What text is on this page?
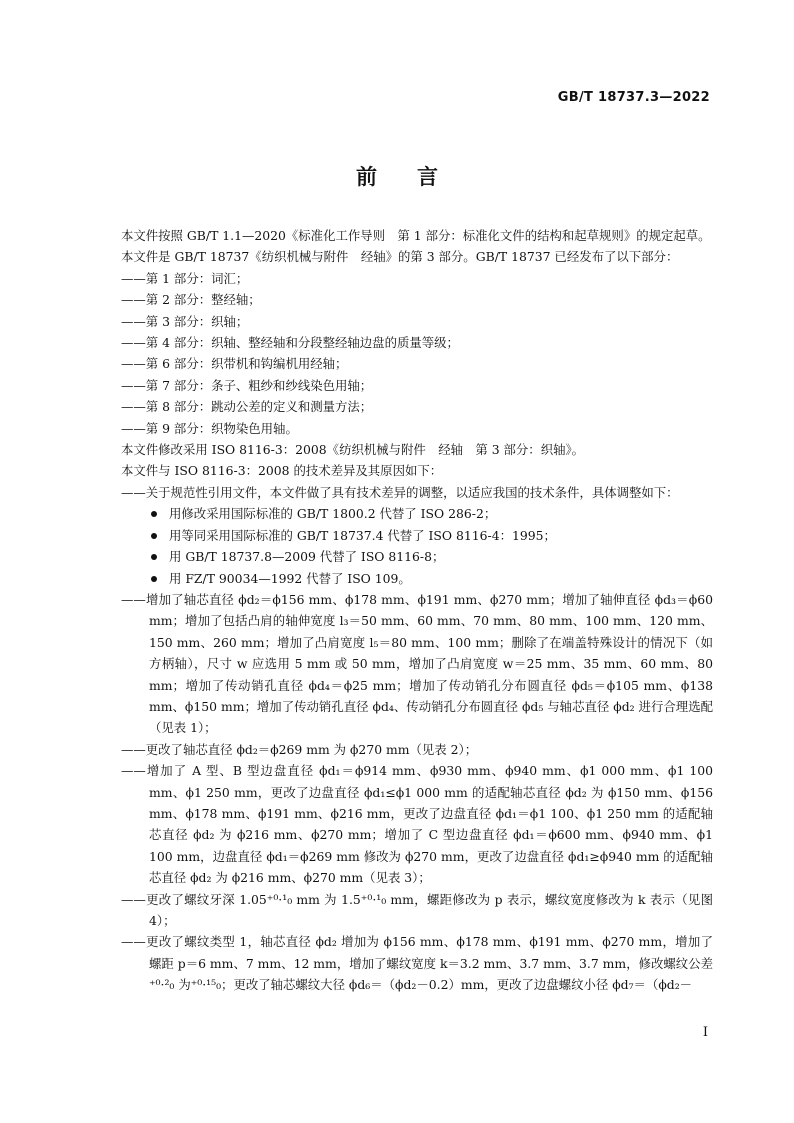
GB/T 18737.3—2022
前言

本文件按照 GB/T 1.1—2020《标准化工作导则　第 1 部分：标准化文件的结构和起草规则》的规定起草。

本文件是 GB/T 18737《纺织机械与附件　经轴》的第 3 部分。GB/T 18737 已经发布了以下部分：

——第 1 部分：词汇；

——第 2 部分：整经轴；

——第 3 部分：织轴；

——第 4 部分：织轴、整经轴和分段整经轴边盘的质量等级；

——第 6 部分：织带机和钩编机用经轴；

——第 7 部分：条子、粗纱和纱线染色用轴；

——第 8 部分：跳动公差的定义和测量方法；

——第 9 部分：织物染色用轴。

本文件修改采用 ISO 8116-3：2008《纺织机械与附件　经轴　第 3 部分：织轴》。

本文件与 ISO 8116-3：2008 的技术差异及其原因如下：

——关于规范性引用文件，本文件做了具有技术差异的调整，以适应我国的技术条件，具体调整如下：

用修改采用国际标准的 GB/T 1800.2 代替了 ISO 286-2；

用等同采用国际标准的 GB/T 18737.4 代替了 ISO 8116-4：1995；

用 GB/T 18737.8—2009 代替了 ISO 8116-8；

用 FZ/T 90034—1992 代替了 ISO 109。

——增加了轴芯直径 ϕd₂＝ϕ156 mm、ϕ178 mm、ϕ191 mm、ϕ270 mm；增加了轴伸直径 ϕd₃＝ϕ60 mm；增加了包括凸肩的轴伸宽度 l₃＝50 mm、60 mm、70 mm、80 mm、100 mm、120 mm、150 mm、260 mm；增加了凸肩宽度 l₅＝80 mm、100 mm；删除了在端盖特殊设计的情况下（如方柄轴），尺寸 w 应选用 5 mm 或 50 mm，增加了凸肩宽度 w＝25 mm、35 mm、60 mm、80 mm；增加了传动销孔直径 ϕd₄＝ϕ25 mm；增加了传动销孔分布圆直径 ϕd₅＝ϕ105 mm、ϕ138 mm、ϕ150 mm；增加了传动销孔直径 ϕd₄、传动销孔分布圆直径 ϕd₅ 与轴芯直径 ϕd₂ 进行合理选配（见表 1）；

——更改了轴芯直径 ϕd₂＝ϕ269 mm 为 ϕ270 mm（见表 2）；

——增加了 A 型、B 型边盘直径 ϕd₁＝ϕ914 mm、ϕ930 mm、ϕ940 mm、ϕ1 000 mm、ϕ1 100 mm、ϕ1 250 mm，更改了边盘直径 ϕd₁≤ϕ1 000 mm 的适配轴芯直径 ϕd₂ 为 ϕ150 mm、ϕ156 mm、ϕ178 mm、ϕ191 mm、ϕ216 mm，更改了边盘直径 ϕd₁＝ϕ1 100、ϕ1 250 mm 的适配轴芯直径 ϕd₂ 为 ϕ216 mm、ϕ270 mm；增加了 C 型边盘直径 ϕd₁＝ϕ600 mm、ϕ940 mm、ϕ1 100 mm，边盘直径 ϕd₁＝ϕ269 mm 修改为 ϕ270 mm，更改了边盘直径 ϕd₁≥ϕ940 mm 的适配轴芯直径 ϕd₂ 为 ϕ216 mm、ϕ270 mm（见表 3）；

——更改了螺纹牙深 1.05⁺⁰·¹₀ mm 为 1.5⁺⁰·¹₀ mm，螺距修改为 p 表示，螺纹宽度修改为 k 表示（见图 4）；

——更改了螺纹类型 1，轴芯直径 ϕd₂ 增加为 ϕ156 mm、ϕ178 mm、ϕ191 mm、ϕ270 mm，增加了螺距 p＝6 mm、7 mm、12 mm，增加了螺纹宽度 k＝3.2 mm、3.7 mm、3.7 mm，修改螺纹公差⁺⁰·²₀ 为⁺⁰·¹⁵₀；更改了轴芯螺纹大径 ϕd₆＝（ϕd₂－0.2）mm，更改了边盘螺纹小径 ϕd₇＝（ϕd₂－

I
